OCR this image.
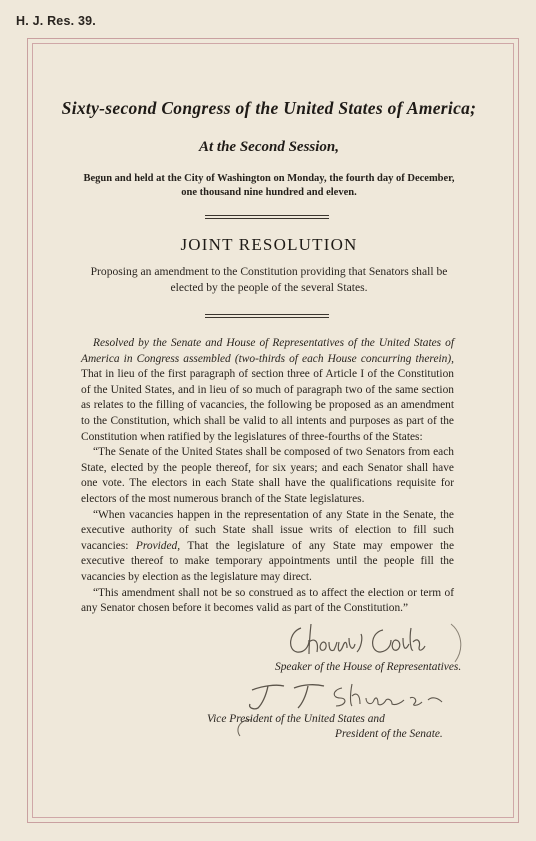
H. J. Res. 39.
Sixty-second Congress of the United States of America;
At the Second Session,
Begun and held at the City of Washington on Monday, the fourth day of December,
one thousand nine hundred and eleven.
JOINT RESOLUTION
Proposing an amendment to the Constitution providing that Senators shall be
elected by the people of the several States.

Resolved by the Senate and House of Representatives of the United States of America in Congress assembled (two-thirds of each House concurring therein), That in lieu of the first paragraph of section three of Article I of the Constitution of the United States, and in lieu of so much of paragraph two of the same section as relates to the filling of vacancies, the following be proposed as an amendment to the Constitution, which shall be valid to all intents and purposes as part of the Constitution when ratified by the legislatures of three-fourths of the States:

“The Senate of the United States shall be composed of two Senators from each State, elected by the people thereof, for six years; and each Senator shall have one vote. The electors in each State shall have the qualifications requisite for electors of the most numerous branch of the State legislatures.

“When vacancies happen in the representation of any State in the Senate, the executive authority of such State shall issue writs of election to fill such vacancies: Provided, That the legislature of any State may empower the executive thereof to make temporary appointments until the people fill the vacancies by election as the legislature may direct.

“This amendment shall not be so construed as to affect the election or term of any Senator chosen before it becomes valid as part of the Constitution.”

Speaker of the House of Representatives.
Vice President of the United States and
President of the Senate.
